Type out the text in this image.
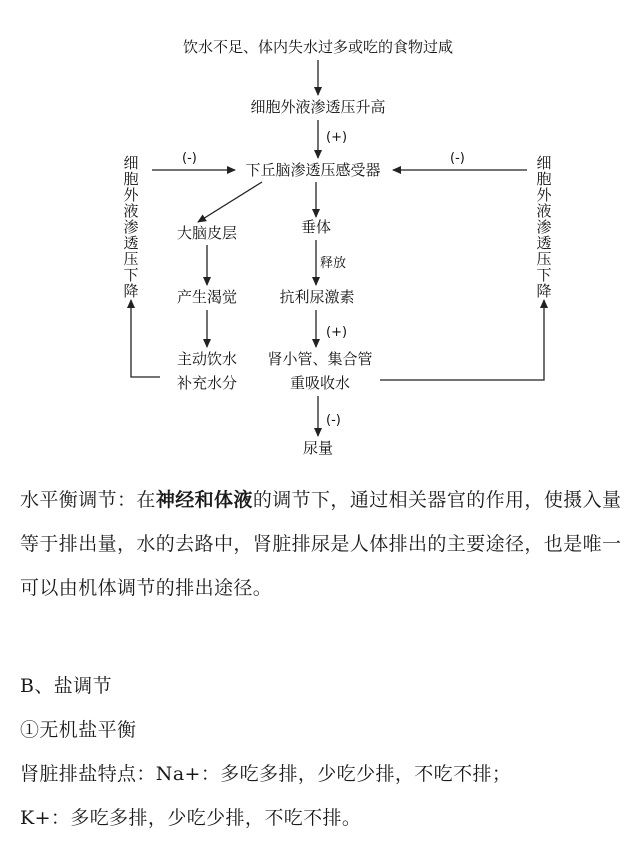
饮水不足、体内失水过多或吃的食物过咸
细胞外液渗透压升高
下丘脑渗透压感受器
大脑皮层	垂体
产生渴觉	抗利尿激素
主动饮水
补充水分
肾小管、集合管
重吸收水
尿量
(+)
(-)	(-)
释放
(+)
(-)
细胞外液渗透压下降
细胞外液渗透压下降

水平衡调节：在神经和体液的调节下，通过相关器官的作用，使摄入量等于排出量，水的去路中，肾脏排尿是人体排出的主要途径，也是唯一可以由机体调节的排出途径。

B、盐调节

①无机盐平衡

肾脏排盐特点：Na+：多吃多排，少吃少排，不吃不排；

K+：多吃多排，少吃少排，不吃不排。
